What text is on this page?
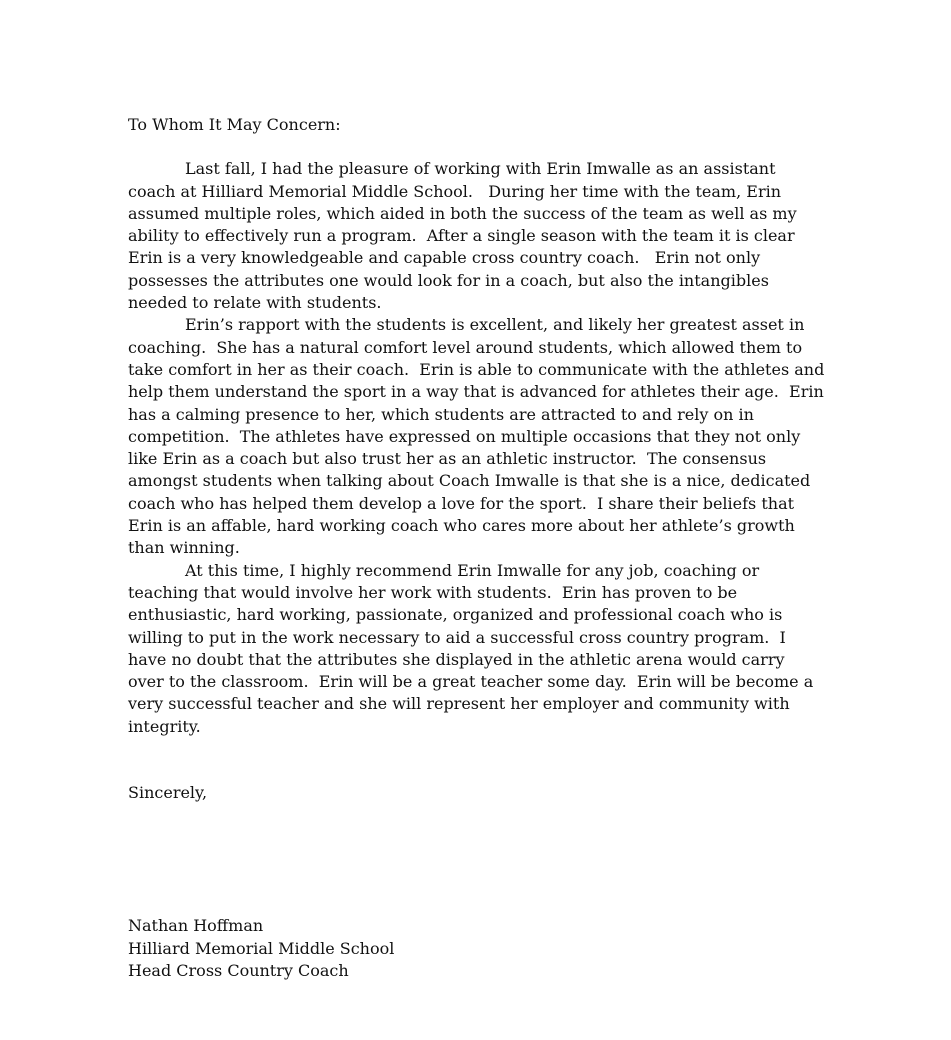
To Whom It May Concern:
Last fall, I had the pleasure of working with Erin Imwalle as an assistant
coach at Hilliard Memorial Middle School.   During her time with the team, Erin
assumed multiple roles, which aided in both the success of the team as well as my
ability to effectively run a program.  After a single season with the team it is clear
Erin is a very knowledgeable and capable cross country coach.   Erin not only
possesses the attributes one would look for in a coach, but also the intangibles
needed to relate with students.
Erin’s rapport with the students is excellent, and likely her greatest asset in
coaching.  She has a natural comfort level around students, which allowed them to
take comfort in her as their coach.  Erin is able to communicate with the athletes and
help them understand the sport in a way that is advanced for athletes their age.  Erin
has a calming presence to her, which students are attracted to and rely on in
competition.  The athletes have expressed on multiple occasions that they not only
like Erin as a coach but also trust her as an athletic instructor.  The consensus
amongst students when talking about Coach Imwalle is that she is a nice, dedicated
coach who has helped them develop a love for the sport.  I share their beliefs that
Erin is an affable, hard working coach who cares more about her athlete’s growth
than winning.
At this time, I highly recommend Erin Imwalle for any job, coaching or
teaching that would involve her work with students.  Erin has proven to be
enthusiastic, hard working, passionate, organized and professional coach who is
willing to put in the work necessary to aid a successful cross country program.  I
have no doubt that the attributes she displayed in the athletic arena would carry
over to the classroom.  Erin will be a great teacher some day.  Erin will be become a
very successful teacher and she will represent her employer and community with
integrity.
Sincerely,
Nathan Hoffman
Hilliard Memorial Middle School
Head Cross Country Coach
